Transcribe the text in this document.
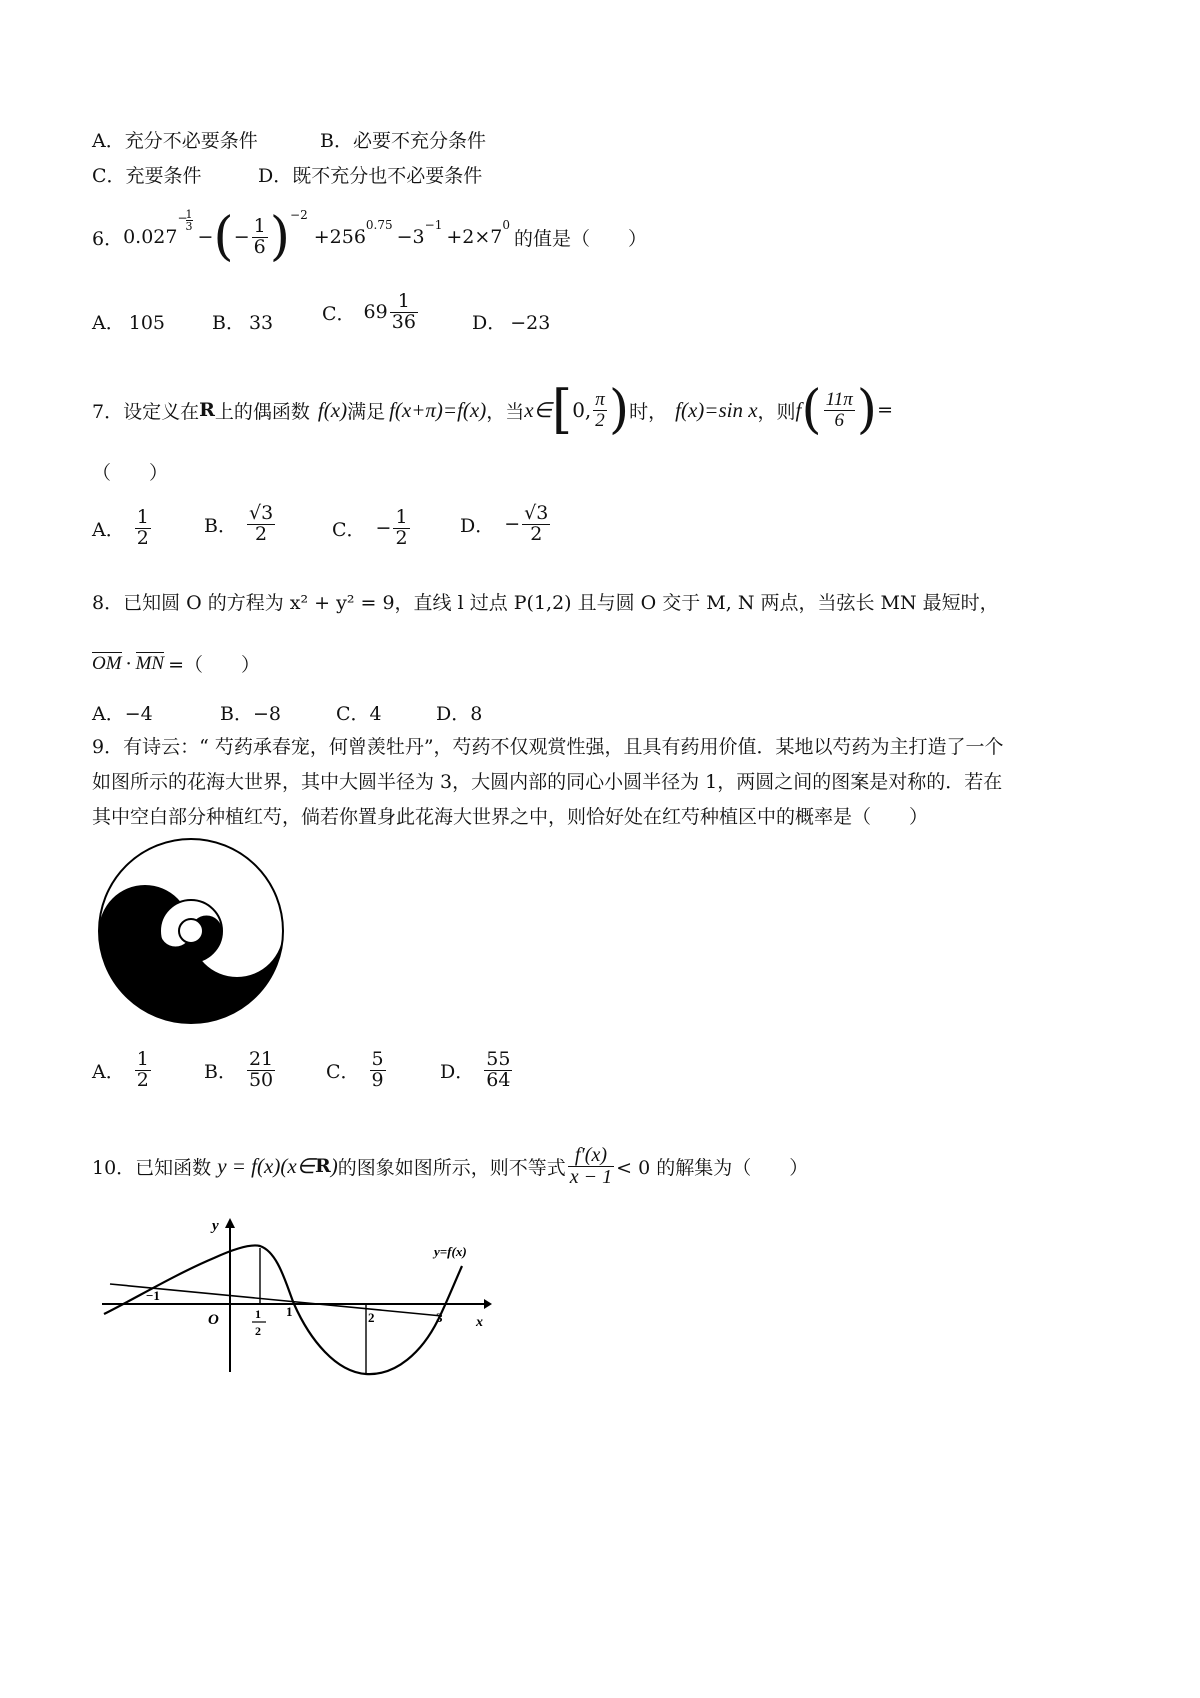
A．充分不必要条件	B．必要不充分条件
C．充要条件	D．既不充分也不必要条件
6． 0.027
−
1
3 − ( − $\frac{1}{6} )^{-2}$
+256
$^{0.75}$
−3
$^{-1}$
+2×7
$^0$
的值是（　　）
A． 105 B． 33	C． $69 \frac{1}{36}$	D． −23
7． 设定义在 R 上的偶函数 f(x) 满足 f(x+π)=f(x) ，当 x∈ [ 0, $\frac{\pi}{2}$ ) 时， f(x)=sin x ，则 f ( $\frac{11\pi}{6}$ ) =
（　　）
A． $\frac{1}{2}$	B． $\frac{√3}{2}$	C． − $\frac{1}{2}$	D． − $\frac{√3}{2}$
8．已知圆 O 的方程为 x² + y² = 9，直线 l 过点 P(1,2) 且与圆 O 交于 M, N 两点，当弦长 MN 最短时，
OM · MN =（　　）
A．−4	B．−8	C．4	D．8
9．有诗云：“ 芍药承春宠，何曾羡牡丹”，芍药不仅观赏性强，且具有药用价值．某地以芍药为主打造了一个
如图所示的花海大世界，其中大圆半径为 3，大圆内部的同心小圆半径为 1，两圆之间的图案是对称的．若在
其中空白部分种植红芍，倘若你置身此花海大世界之中，则恰好处在红芍种植区中的概率是（　　）
A． $\frac{1}{2}$	B． $\frac{21}{50}$	C． $\frac{5}{9}$	D． $\frac{55}{64}$
10．已知函数 y = f(x)(x∈ R ) 的图象如图所示，则不等式 $\frac{f'(x)}{x - 1} < 0$ 的解集为（　　）
y
x
O
y=f(x)
−1
1
2
1	2	3
